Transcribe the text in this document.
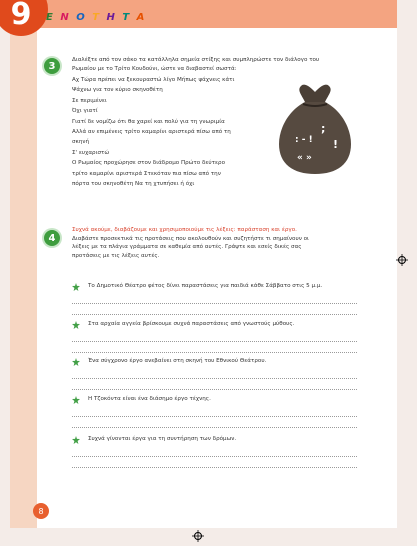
9	Ε Ν Ο Τ Η Τ Α
3

Διαλέξτε από τον σάκο τα κατάλληλα σημεία στίξης και συμπληρώστε τον διάλογο του

Ρωμαίου με το Τρίτο Κουδούνι, ώστε να διαβαστεί σωστά:

Αχ Τώρα πρέπει να ξεκουραστώ λίγο Μήπως ψάχνεις κάτι

Ψάχνω για τον κύριο σκηνοθέτη

Σε περιμένει

Όχι γιατί

Γιατί δε νομίζω ότι θα χαρεί και πολύ για τη γνωριμία

Αλλά αν επιμένεις τρίτο καμαρίνι αριστερά πίσω από τη

σκηνή

Σ' ευχαριστώ

Ο Ρωμαίος προχώρησε στον διάδρομο Πρώτο δεύτερο

τρίτο καμαρίνι αριστερά Στεκόταν πια πίσω από την

πόρτα του σκηνοθέτη Να τη χτυπήσει ή όχι

;
!
« »
: - !
4

Συχνά ακούμε, διαβάζουμε και χρησιμοποιούμε τις λέξεις: παράσταση και έργο.

Διαβάστε προσεκτικά τις προτάσεις που ακολουθούν και συζητήστε τι σημαίνουν οι

λέξεις με τα πλάγια γράμματα σε καθεμία από αυτές. Γράψτε και εσείς δικές σας

προτάσεις με τις λέξεις αυτές.

Το Δημοτικό Θέατρο φέτος δίνει παραστάσεις για παιδιά κάθε Σάββατο στις 5 μ.μ.
Στα αρχαία αγγεία βρίσκουμε συχνά παραστάσεις από γνωστούς μύθους.
Ένα σύγχρονο έργο ανεβαίνει στη σκηνή του Εθνικού Θεάτρου.
Η Τζοκόντα είναι ένα διάσημο έργο τέχνης.
Συχνά γίνονται έργα για τη συντήρηση των δρόμων.
8
